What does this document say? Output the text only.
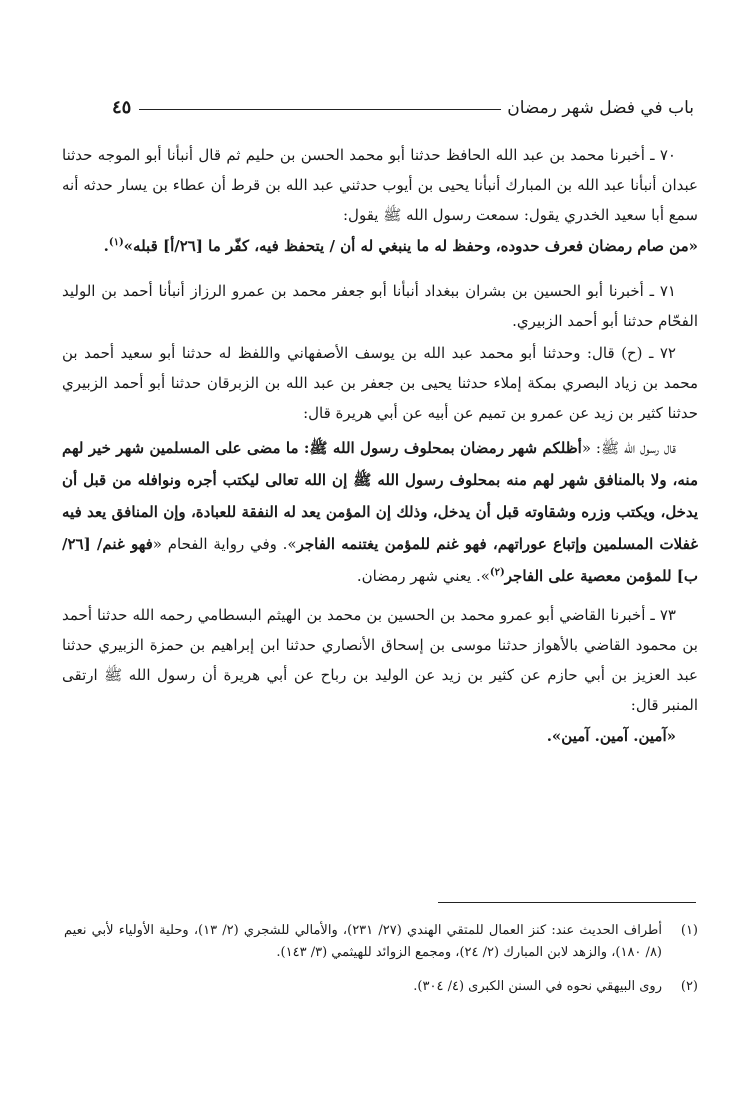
باب في فضل شهر رمضان
٤٥

٧٠ ـ أخبرنا محمد بن عبد الله الحافظ حدثنا أبو محمد الحسن بن حليم ثم قال أنبأنا أبو الموجه حدثنا عبدان أنبأنا عبد الله بن المبارك أنبأنا يحيى بن أيوب حدثني عبد الله بن قرط أن عطاء بن يسار حدثه أنه سمع أبا سعيد الخدري يقول: سمعت رسول الله ﷺ يقول:

«من صام رمضان فعرف حدوده، وحفظ له ما ينبغي له أن / يتحفظ فيه، كفّر ما [٢٦/أ] قبله»$^{(١)}$.

٧١ ـ أخبرنا أبو الحسين بن بشران ببغداد أنبأنا أبو جعفر محمد بن عمرو الرزاز أنبأنا أحمد بن الوليد الفحّام حدثنا أبو أحمد الزبيري.

٧٢ ـ (ح) قال: وحدثنا أبو محمد عبد الله بن يوسف الأصفهاني واللفظ له حدثنا أبو سعيد أحمد بن محمد بن زياد البصري بمكة إملاء حدثنا يحيى بن جعفر بن عبد الله بن الزبرقان حدثنا أبو أحمد الزبيري حدثنا كثير بن زيد عن عمرو بن تميم عن أبيه عن أبي هريرة قال:

قال رسول الله ﷺ: «أظلكم شهر رمضان بمحلوف رسول الله ﷺ: ما مضى على المسلمين شهر خير لهم منه، ولا بالمنافق شهر لهم منه بمحلوف رسول الله ﷺ إن الله تعالى ليكتب أجره ونوافله من قبل أن يدخل، ويكتب وزره وشقاوته قبل أن يدخل، وذلك إن المؤمن يعد له النفقة للعبادة، وإن المنافق يعد فيه غفلات المسلمين وإتباع عوراتهم، فهو غنم للمؤمن يغتنمه الفاجر». وفي رواية الفحام «فهو غنم/ [٢٦/ب] للمؤمن معصية على الفاجر$^{(٢)}$». يعني شهر رمضان.

٧٣ ـ أخبرنا القاضي أبو عمرو محمد بن الحسين بن محمد بن الهيثم البسطامي رحمه الله حدثنا أحمد بن محمود القاضي بالأهواز حدثنا موسى بن إسحاق الأنصاري حدثنا ابن إبراهيم بن حمزة الزبيري حدثنا عبد العزيز بن أبي حازم عن كثير بن زيد عن الوليد بن رباح عن أبي هريرة أن رسول الله ﷺ ارتقى المنبر قال:

«آمين. آمين. آمين».

(١)
أطراف الحديث عند: كنز العمال للمتقي الهندي (٢٧/ ٢٣١)، والأمالي للشجري (٢/ ١٣)، وحلية الأولياء لأبي نعيم (٨/ ١٨٠)، والزهد لابن المبارك (٢/ ٢٤)، ومجمع الزوائد للهيثمي (٣/ ١٤٣).

(٢)
روى البيهقي نحوه في السنن الكبرى (٤/ ٣٠٤).
